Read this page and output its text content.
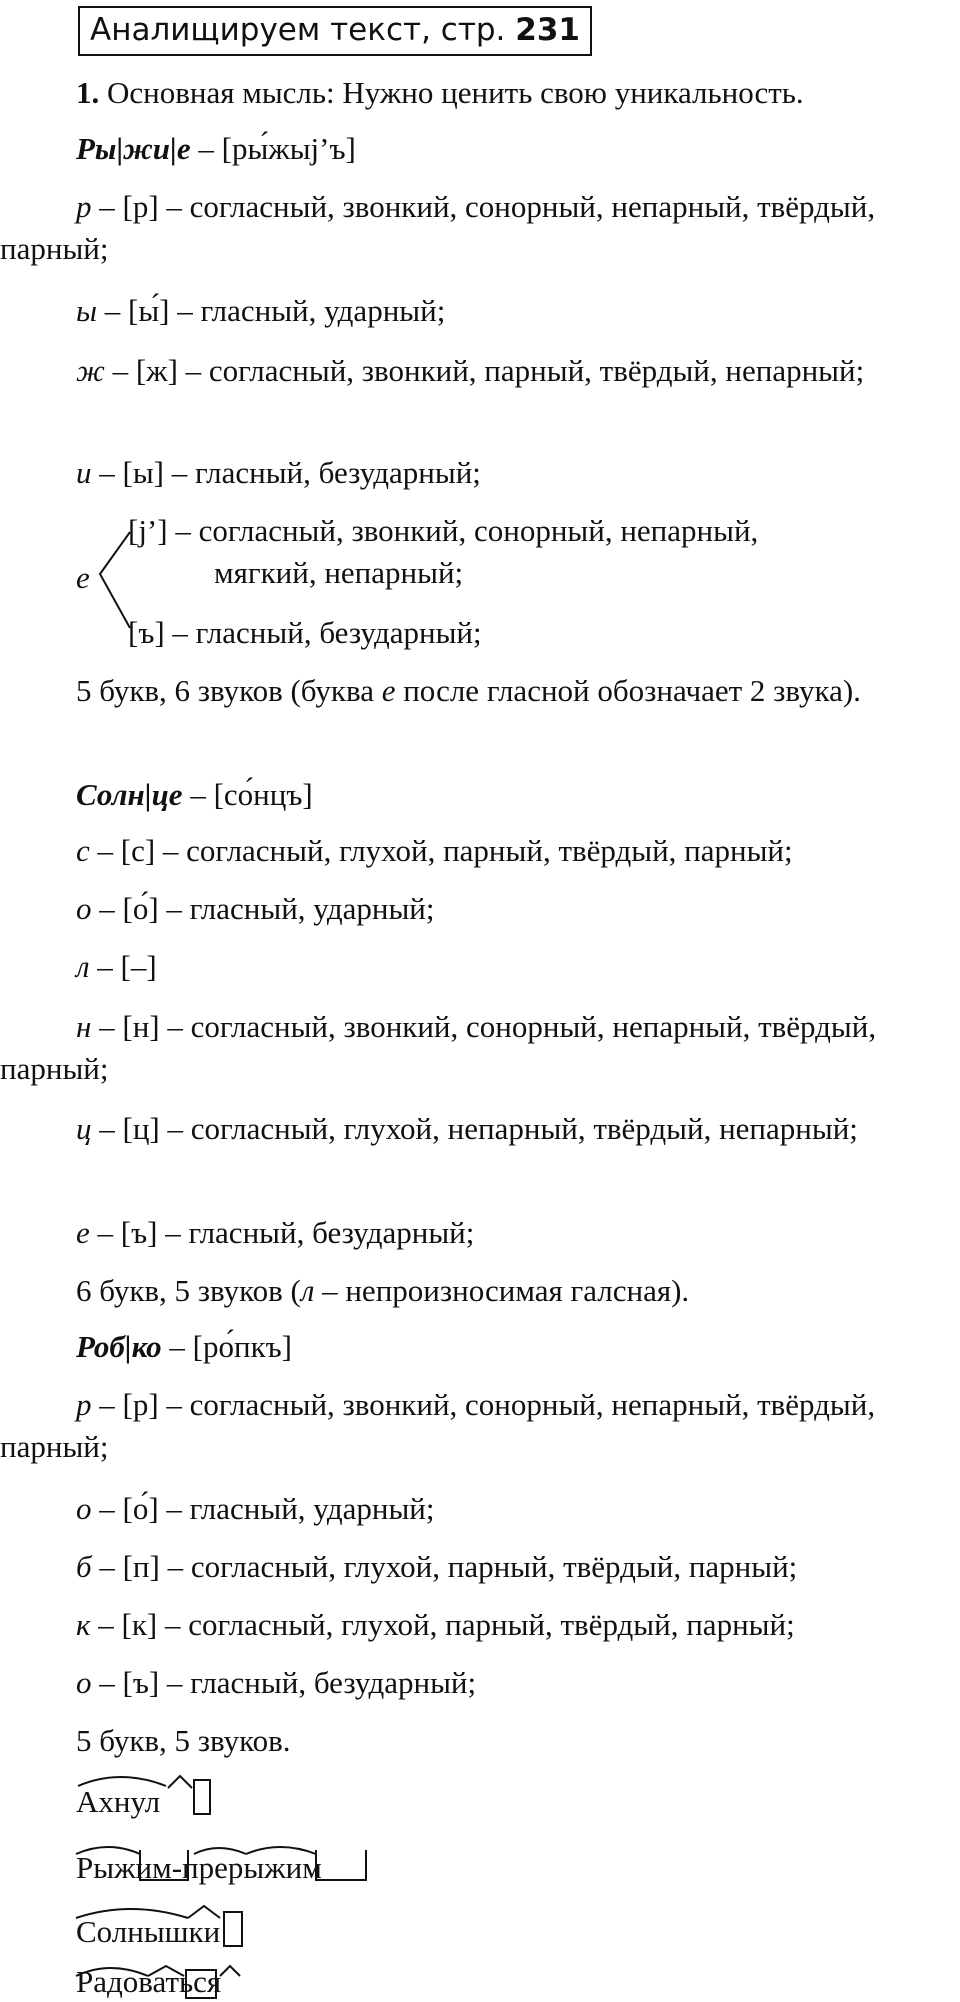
Аналищируем текст, стр. 231
1. Основная мысль: Нужно ценить свою уникальность.
Ры|жи|е – [ры́жыj’ъ]
р – [р] – согласный, звонкий, сонорный, непарный, твёрдый, парный;
ы – [ы́] – гласный, ударный;
ж – [ж] – согласный, звонкий, парный, твёрдый, непарный;
и – [ы] – гласный, безударный;
е
[j’] – согласный, звонкий, сонорный, непарный,
мягкий, непарный;
[ъ] – гласный, безударный;
5 букв, 6 звуков (буква е после гласной обозначает 2 звука).
Солн|це – [со́нцъ]
с – [с] – согласный, глухой, парный, твёрдый, парный;
о – [о́] – гласный, ударный;
л – [–]
н – [н] – согласный, звонкий, сонорный, непарный, твёрдый, парный;
ц – [ц] – согласный, глухой, непарный, твёрдый, непарный;
е – [ъ] – гласный, безударный;
6 букв, 5 звуков (л – непроизносимая галсная).
Роб|ко – [ро́пкъ]
р – [р] – согласный, звонкий, сонорный, непарный, твёрдый, парный;
о – [о́] – гласный, ударный;
б – [п] – согласный, глухой, парный, твёрдый, парный;
к – [к] – согласный, глухой, парный, твёрдый, парный;
о – [ъ] – гласный, безударный;
5 букв, 5 звуков.
Ахнул
Рыжим-прерыжим
Солнышки
Радоваться
